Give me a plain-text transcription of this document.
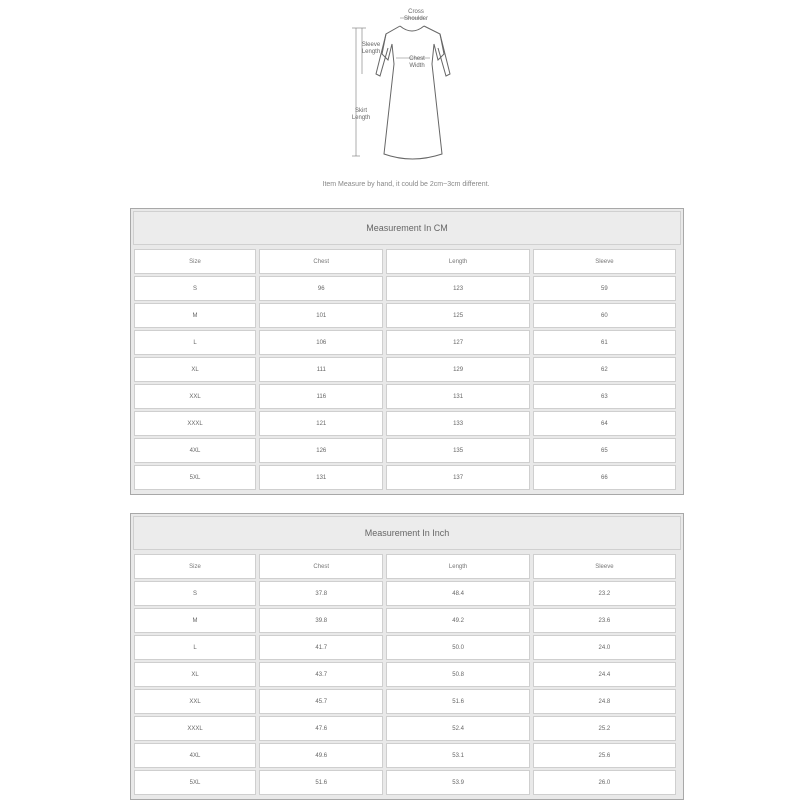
Cross
Shoulder
Sleeve
Length
Chest
Width
Skirt
Length
Item Measure by hand, it could be 2cm~3cm different.
Measurement In CM
Size	Chest	Length	Sleeve
S	96	123	59
M	101	125	60
L	106	127	61
XL	111	129	62
XXL	116	131	63
XXXL	121	133	64
4XL	126	135	65
5XL	131	137	66
Measurement In Inch
Size	Chest	Length	Sleeve
S	37.8	48.4	23.2
M	39.8	49.2	23.6
L	41.7	50.0	24.0
XL	43.7	50.8	24.4
XXL	45.7	51.6	24.8
XXXL	47.6	52.4	25.2
4XL	49.6	53.1	25.6
5XL	51.6	53.9	26.0
